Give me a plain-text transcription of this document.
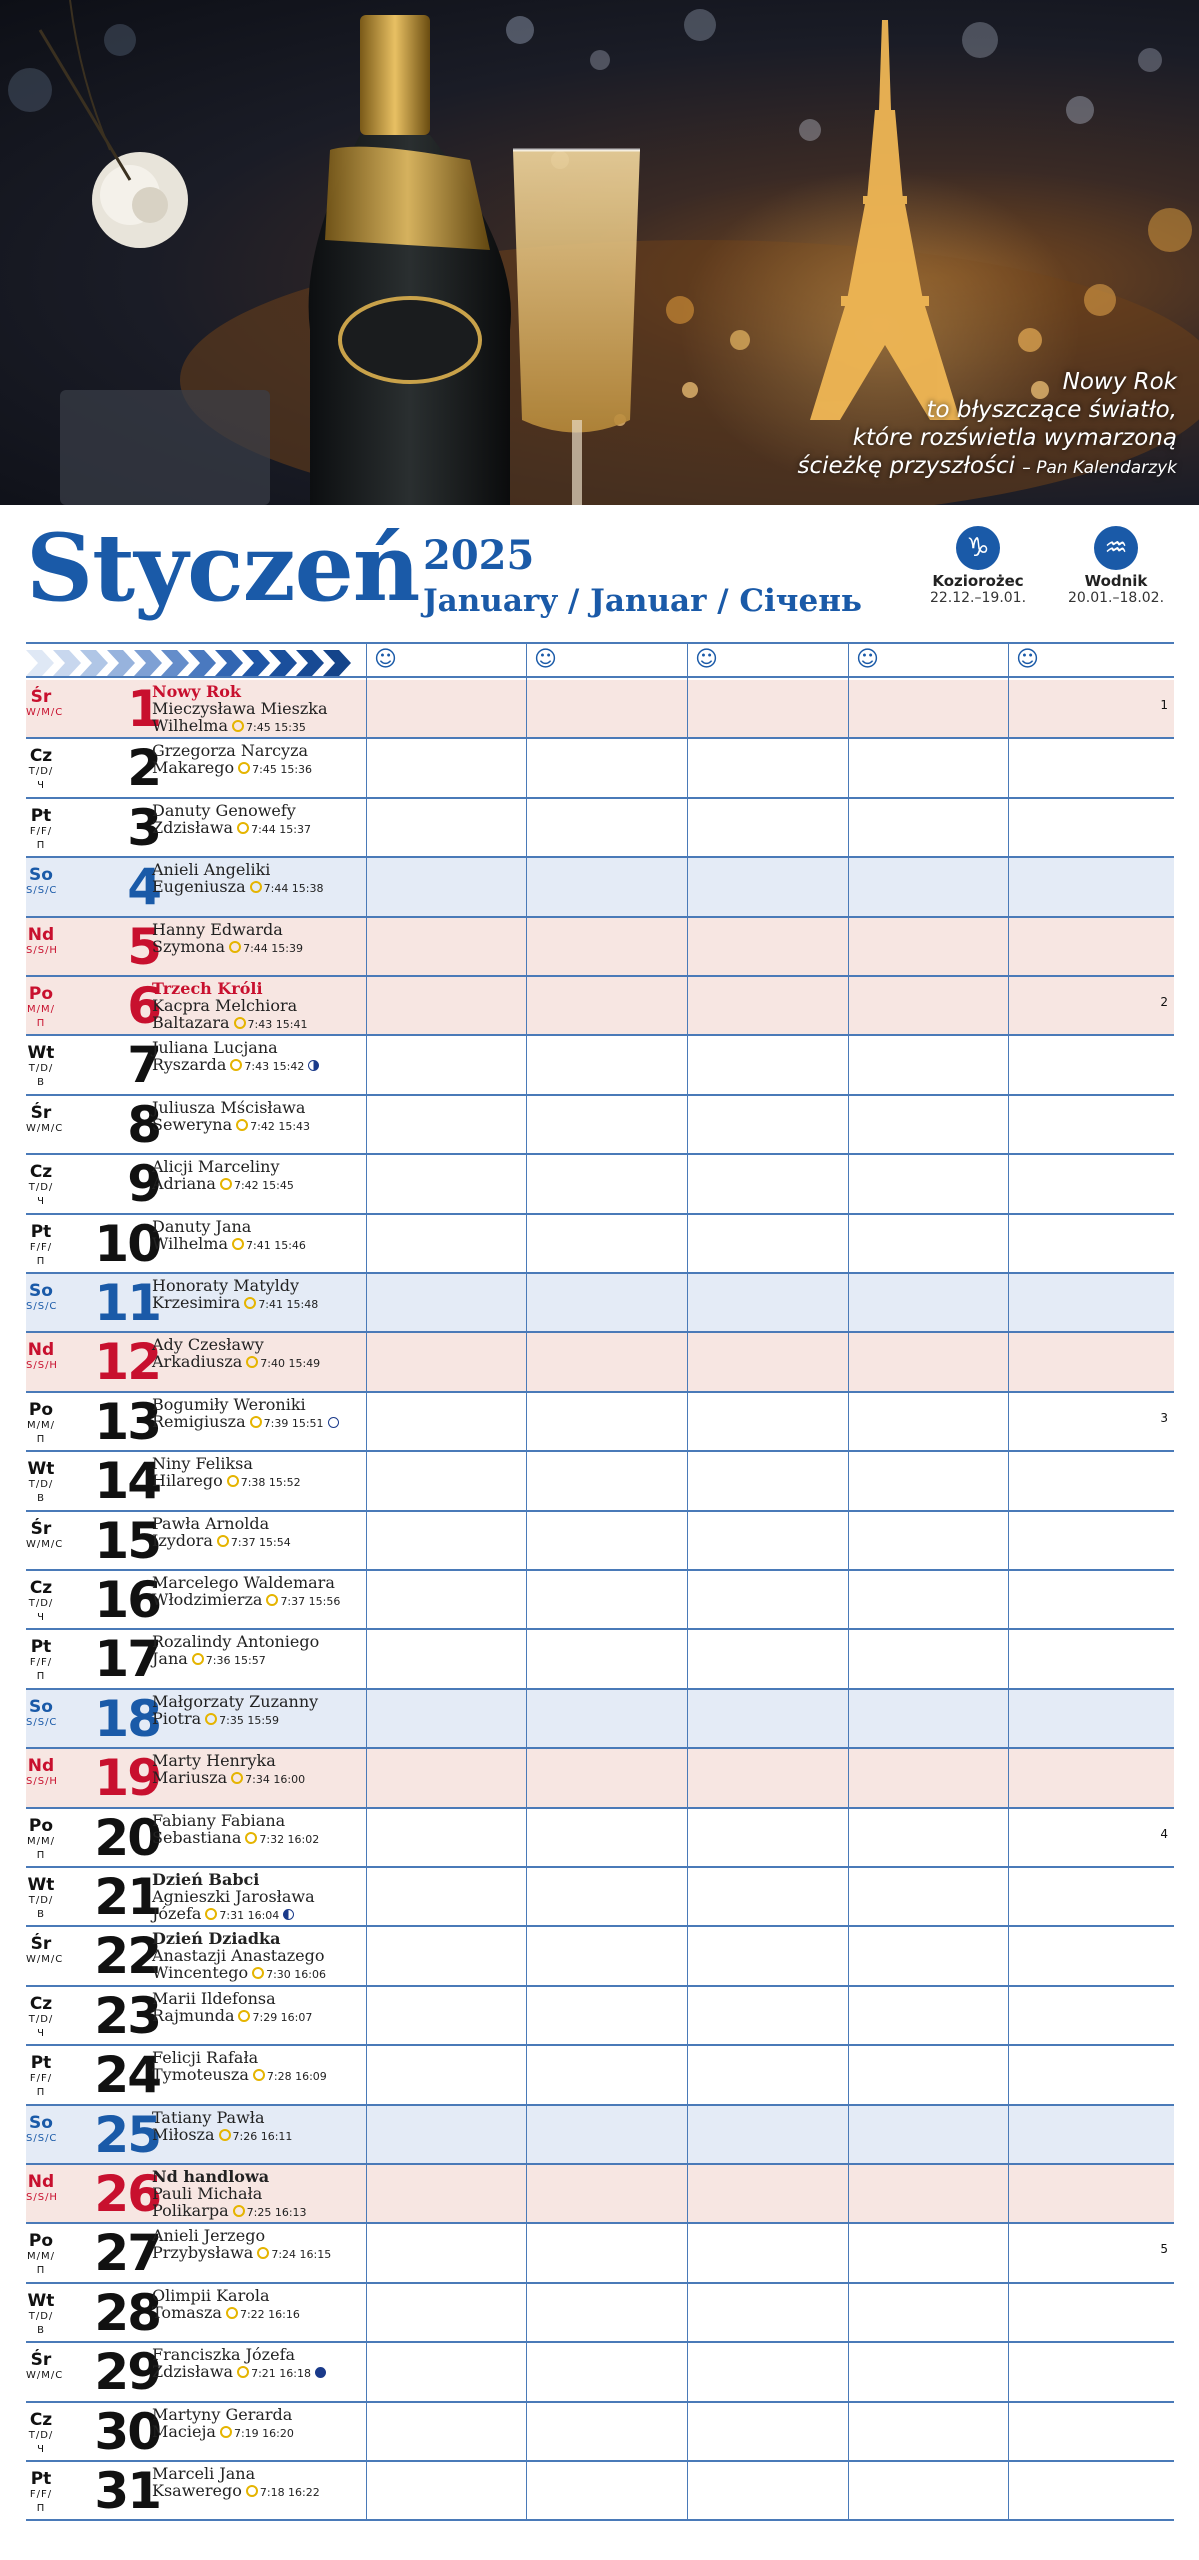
Nowy Rok
to błyszczące światło,
które rozświetla wymarzoną
ścieżkę przyszłości – Pan Kalendarzyk
Styczeń 2025
January / Januar / Січень
♑
Koziorożec
22.12.–19.01.
♒
Wodnik
20.01.–18.02.
☺	☺	☺	☺	☺
Śr
W/M/C	1
Nowy Rok
Mieczysława Mieszka
Wilhelma 7:45 15:35
1
Cz
T/D/Ч	2
Grzegorza Narcyza
Makarego 7:45 15:36
Pt
F/F/П	3
Danuty Genowefy
Zdzisława 7:44 15:37
So
S/S/C	4
Anieli Angeliki
Eugeniusza 7:44 15:38
Nd
S/S/H	5
Hanny Edwarda
Szymona 7:44 15:39
Po
M/M/П	6
Trzech Króli
Kacpra Melchiora
Baltazara 7:43 15:41
2
Wt
T/D/В	7
Juliana Lucjana
Ryszarda 7:43 15:42
Śr
W/M/C	8
Juliusza Mścisława
Seweryna 7:42 15:43
Cz
T/D/Ч	9
Alicji Marceliny
Adriana 7:42 15:45
Pt
F/F/П 10
Danuty Jana
Wilhelma 7:41 15:46
So
S/S/C 11
Honoraty Matyldy
Krzesimira 7:41 15:48
Nd
S/S/H 12
Ady Czesławy
Arkadiusza 7:40 15:49
Po
M/M/П 13
Bogumiły Weroniki
Remigiusza 7:39 15:51	3
Wt
T/D/В 14
Niny Feliksa
Hilarego 7:38 15:52
Śr
W/M/C 15
Pawła Arnolda
Izydora 7:37 15:54
Cz
T/D/Ч 16
Marcelego Waldemara
Włodzimierza 7:37 15:56
Pt
F/F/П 17
Rozalindy Antoniego
Jana 7:36 15:57
So
S/S/C 18
Małgorzaty Zuzanny
Piotra 7:35 15:59
Nd
S/S/H 19
Marty Henryka
Mariusza 7:34 16:00
Po
M/M/П 20
Fabiany Fabiana
Sebastiana 7:32 16:02	4
Wt
T/D/В 21
Dzień Babci
Agnieszki Jarosława
Józefa 7:31 16:04
Śr
W/M/C 22
Dzień Dziadka
Anastazji Anastazego
Wincentego 7:30 16:06
Cz
T/D/Ч 23
Marii Ildefonsa
Rajmunda 7:29 16:07
Pt
F/F/П 24
Felicji Rafała
Tymoteusza 7:28 16:09
So
S/S/C 25
Tatiany Pawła
Miłosza 7:26 16:11
Nd
S/S/H 26
Nd handlowa
Pauli Michała
Polikarpa 7:25 16:13
Po
M/M/П 27
Anieli Jerzego
Przybysława 7:24 16:15	5
Wt
T/D/В 28
Olimpii Karola
Tomasza 7:22 16:16
Śr
W/M/C 29
Franciszka Józefa
Zdzisława 7:21 16:18
Cz
T/D/Ч 30
Martyny Gerarda
Macieja 7:19 16:20
Pt
F/F/П 31
Marceli Jana
Ksawerego 7:18 16:22
